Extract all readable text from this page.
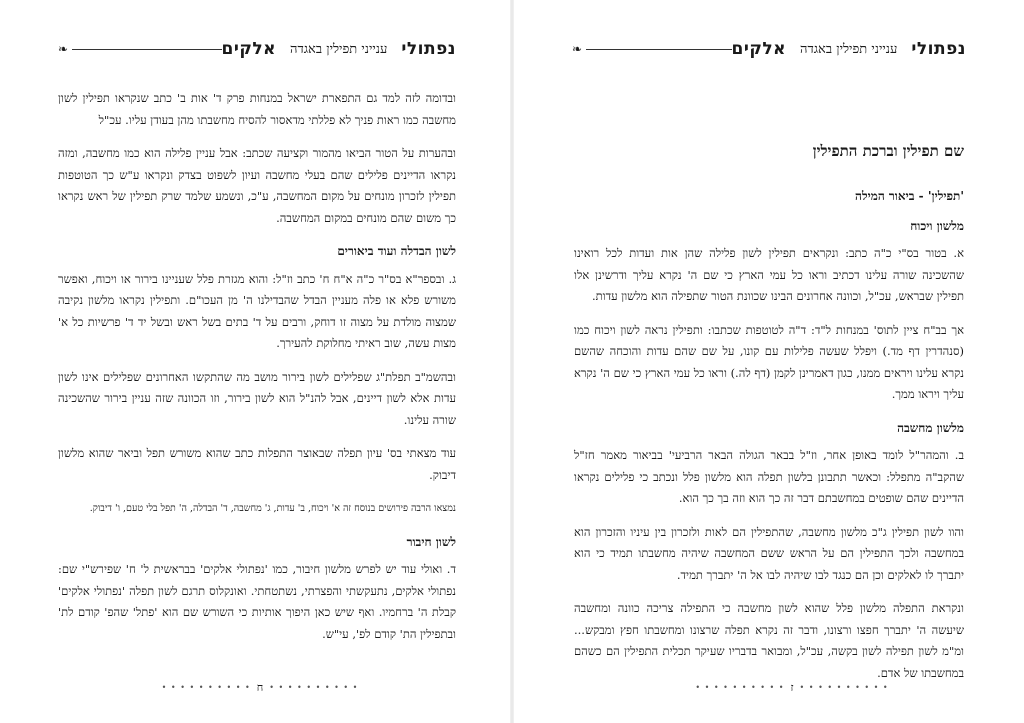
נפתולי
ענייני תפילין באגדה
אלקים
❧

ובדומה לזה למד גם התפארת ישראל במנחות פרק ד' אות ב' כתב שנקראו תפילין לשון מחשבה כמו ראות פניך לא פללתי מדאסור להסיח מחשבתו מהן בעודן עליו. עכ"ל

ובהערות על הטור הביאו מהמור וקציעה שכתב: אבל עניין פלילה הוא כמו מחשבה, ומזה נקראו הדיינים פלילים שהם בעלי מחשבה ועיון לשפוט בצדק ונקראו ע"ש כך הטוטפות תפילין לזכרון מונחים על מקום המחשבה, ע"כ, ונשמע שלמד שרק תפילין של ראש נקראו כך משום שהם מונחים במקום המחשבה.

לשון הבדלה ועוד ביאורים

ג. ובספר"א בס"ר כ"ה א"ח ח' כתב וז"ל: והוא מגזרת פלל שעניינו בירור או ויכוח, ואפשר משורש פלא או פלה מעניין הבדל שהבדילנו ה' מן העכו"ם. ותפילין נקראו מלשון נקיבה שמצוה מולדת על מצוה זו דוחק, ורבים על ד' בתים בשל ראש ובשל יד ד' פרשיות כל א' מצות עשה, שוב ראיתי מחלוקת להעירך.

ובהשמ"ב תפלת"ג שפלילים לשון בירור מושב מה שהתקשו האחרונים שפלילים אינו לשון עדות אלא לשון דיינים, אבל להנ"ל הוא לשון בירור, וזו הכוונה שזה עניין בירור שהשכינה שורה עלינו.

עוד מצאתי בס' עיון תפלה שבאוצר התפלות כתב שהוא משורש תפל וביאר שהוא מלשון דיבוק.

נמצאו הרבה פירושים בנוסח זה א' ויכוח, ב' עדות, ג' מחשבה, ד' הבדלה, ה' תפל בלי טעם, ו' דיבוק.

לשון חיבור

ד. ואולי עוד יש לפרש מלשון חיבור, כמו 'נפתולי אלקים' בבראשית ל' ח' שפירש"י שם: נפתולי אלקים, נתעקשתי והפצרתי, נשתטחתי. ואונקלוס תרגם לשון תפלה 'נפתולי אלקים' קבלת ה' ברחמיו. ואף שיש כאן היפוך אותיות כי השורש שם הוא 'פתל' שהפ' קודם לת' ובתפילין הת' קודם לפ', עי"ש.

• • • • • • • • • •
ח
• • • • • • • • • •
נפתולי
ענייני תפילין באגדה
אלקים
❧
שם תפילין וברכת התפילין
'תפילין' - ביאור המילה
מלשון ויכוח

א. בטור בס"י כ"ה כתב: ונקראים תפילין לשון פלילה שהן אות ועדות לכל רואינו שהשכינה שורה עלינו דכתיב וראו כל עמי הארץ כי שם ה' נקרא עליך ודרשינן אלו תפילין שבראש, עכ"ל, וכוונה אחרונים הבינו שכוונת הטור שתפילה הוא מלשון עדות.

אך בב"ח ציין לתוס' במנחות ל"ד: ד"ה לטוטפות שכתבו: ותפילין נראה לשון ויכוח כמו (סנהדרין דף מד.) ויפלל שעשה פלילות עם קונו, על שם שהם עדות והוכחה שהשם נקרא עלינו ויראים ממנו, כגון דאמרינן לקמן (דף לה.) וראו כל עמי הארץ כי שם ה' נקרא עליך ויראו ממך.

מלשון מחשבה

ב. והמהר"ל לומד באופן אחר, וז"ל בבאר הגולה הבאר הרביעי' בביאור מאמר חז"ל שהקב"ה מתפלל: וכאשר תתבונן בלשון תפלה הוא מלשון פלל ונכתב כי פלילים נקראו הדיינים שהם שופטים במחשבתם דבר זה כך הוא וזה בך כך הוא.

והוו לשון תפילין ג"כ מלשון מחשבה, שהתפילין הם לאות ולזכרון בין עיניו והזכרון הוא במחשבה ולכך התפילין הם על הראש ששם המחשבה שיהיה מחשבתו תמיד כי הוא יתברך לו לאלקים וכן הם כנגד לבו שיהיה לבו אל ה' יתברך תמיד.

ונקראת התפלה מלשון פלל שהוא לשון מחשבה כי התפילה צריכה כוונה ומחשבה שיעשה ה' יתברך חפצו ורצונו, ודבר זה נקרא תפלה שרצונו ומחשבתו חפץ ומבקש... ומ"מ לשון תפילה לשון בקשה, עכ"ל, ומבואר בדבריו שעיקר תכלית התפילין הם כשהם במחשבתו של אדם.

• • • • • • • • • •
ז
• • • • • • • • • •
